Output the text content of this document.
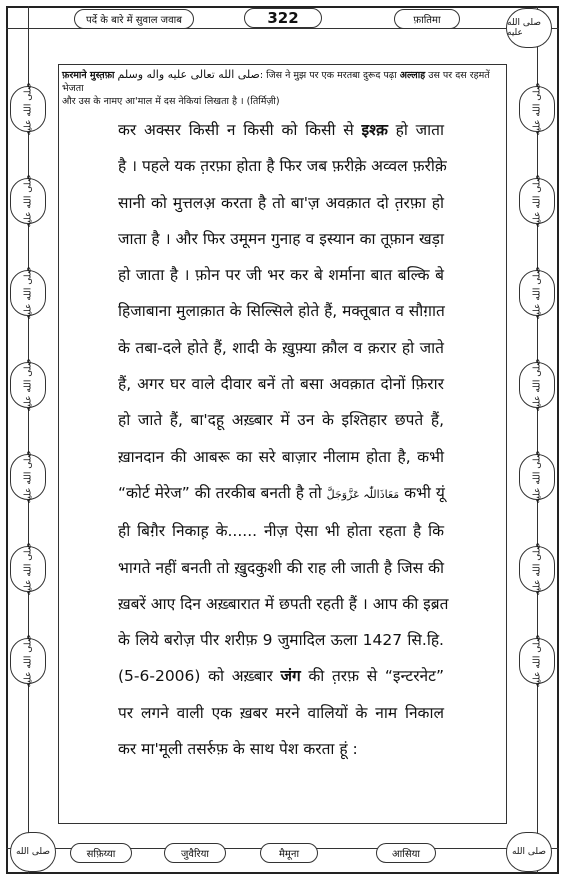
पर्दे के बारे में सुवाल जवाब	322	फ़ातिमा	صلى الله عليه
फ़रमाने मुस्त़फ़ा صلى الله تعالى عليه واله وسلم: जिस ने मुझ पर एक मरतबा दुरूद पढ़ा अल्लाह उस पर दस रहमतें भेजता
और उस के नामए आ'माल में दस नेकियां लिखता है । (तिर्मिज़ी)
صلى الله عليه
صلى الله عليه
صلى الله عليه
صلى الله عليه
صلى الله عليه
صلى الله عليه
صلى الله عليه
صلى الله عليه
صلى الله عليه
صلى الله عليه
صلى الله عليه
صلى الله عليه
صلى الله عليه
صلى الله عليه
कर अक्सर किसी न किसी को किसी से इश्क़ हो जाता
है । पहले यक त़रफ़ा होता है फिर जब फ़रीक़े अव्वल फ़रीक़े
सानी को मुत्तलअ़ करता है तो बा'ज़ अवक़ात दो त़रफ़ा हो
जाता है । और फिर उमूमन गुनाह व इस्यान का तूफ़ान खड़ा
हो जाता है । फ़ोन पर जी भर कर बे शर्माना बात बल्कि बे
हिजाबाना मुलाक़ात के सिल्सिले होते हैं, मक्तूबात व सौग़ात
के तबा-दले होते हैं, शादी के ख़ुफ़्या क़ौल व क़रार हो जाते
हैं, अगर घर वाले दीवार बनें तो बसा अवक़ात दोनों फ़िरार
हो जाते हैं, बा'दहू अख़्बार में उन के इश्तिहार छपते हैं,
ख़ानदान की आबरू का सरे बाज़ार नीलाम होता है, कभी
“कोर्ट मेरेज” की तरकीब बनती है तो مَعَاذَاللّٰہ عَزَّوَجَلَّ कभी यूं
ही बिग़ैर निकाह़ के...... नीज़ ऐसा भी होता रहता है कि
भागते नहीं बनती तो ख़ुदकुशी की राह ली जाती है जिस की
ख़बरें आए दिन अख़्बारात में छपती रहती हैं । आप की इब्रत
के लिये बरोज़ पीर शरीफ़ 9 जुमादिल ऊला 1427 सि.हि.
(5-6-2006) को अख़्बार जंग की त़रफ़ से “इन्टरनेट”
पर लगने वाली एक ख़बर मरने वालियों के नाम निकाल
कर मा'मूली तसर्रुफ़ के साथ पेश करता हूं :
صلى الله	सफ़िय्या	जुवैरिया	मैमूना	आसिया	صلى الله
